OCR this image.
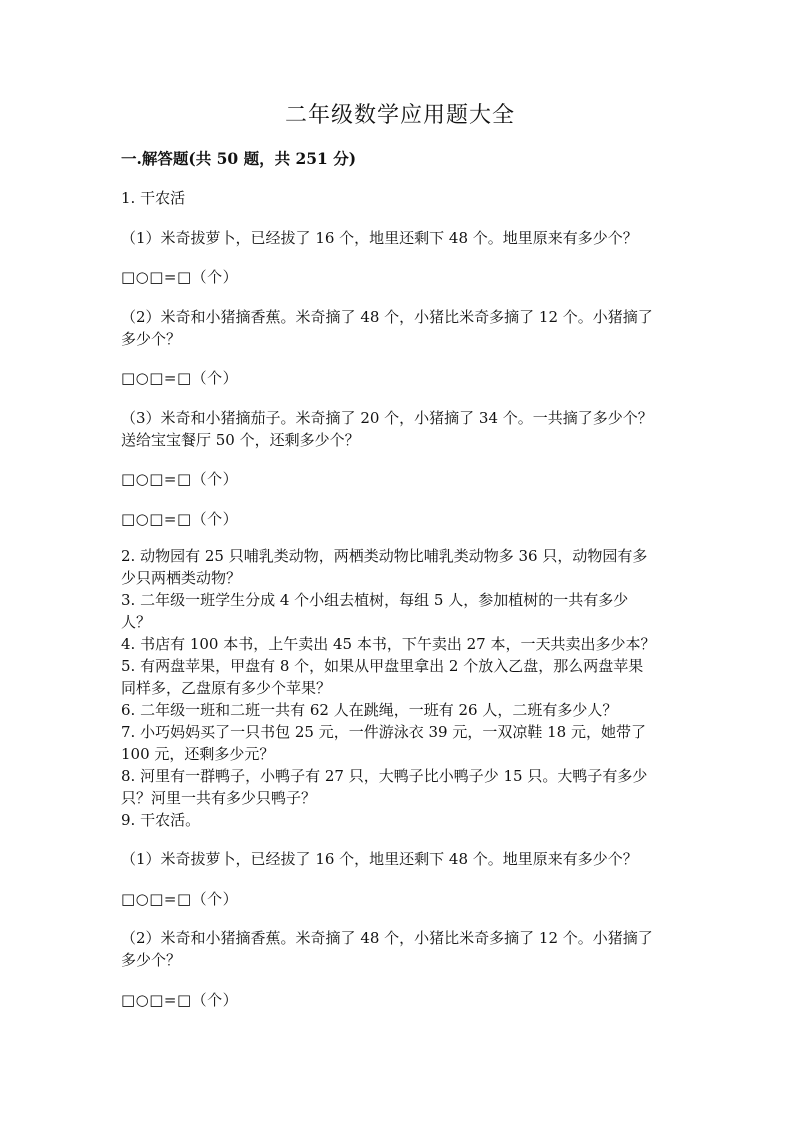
二年级数学应用题大全
一.解答题(共 50 题，共 251 分)
1. 干农活
（1）米奇拔萝卜，已经拔了 16 个，地里还剩下 48 个。地里原来有多少个？
□○□=□（个）
（2）米奇和小猪摘香蕉。米奇摘了 48 个，小猪比米奇多摘了 12 个。小猪摘了
多少个？
□○□=□（个）
（3）米奇和小猪摘茄子。米奇摘了 20 个，小猪摘了 34 个。一共摘了多少个？
送给宝宝餐厅 50 个，还剩多少个？
□○□=□（个）
□○□=□（个）
2. 动物园有 25 只哺乳类动物，两栖类动物比哺乳类动物多 36 只，动物园有多
少只两栖类动物？
3. 二年级一班学生分成 4 个小组去植树，每组 5 人，参加植树的一共有多少
人？
4. 书店有 100 本书，上午卖出 45 本书，下午卖出 27 本，一天共卖出多少本？
5. 有两盘苹果，甲盘有 8 个，如果从甲盘里拿出 2 个放入乙盘，那么两盘苹果
同样多，乙盘原有多少个苹果？
6. 二年级一班和二班一共有 62 人在跳绳，一班有 26 人，二班有多少人？
7. 小巧妈妈买了一只书包 25 元，一件游泳衣 39 元，一双凉鞋 18 元，她带了
100 元，还剩多少元？
8. 河里有一群鸭子，小鸭子有 27 只，大鸭子比小鸭子少 15 只。大鸭子有多少
只？河里一共有多少只鸭子？
9. 干农活。
（1）米奇拔萝卜，已经拔了 16 个，地里还剩下 48 个。地里原来有多少个？
□○□=□（个）
（2）米奇和小猪摘香蕉。米奇摘了 48 个，小猪比米奇多摘了 12 个。小猪摘了
多少个？
□○□=□（个）
